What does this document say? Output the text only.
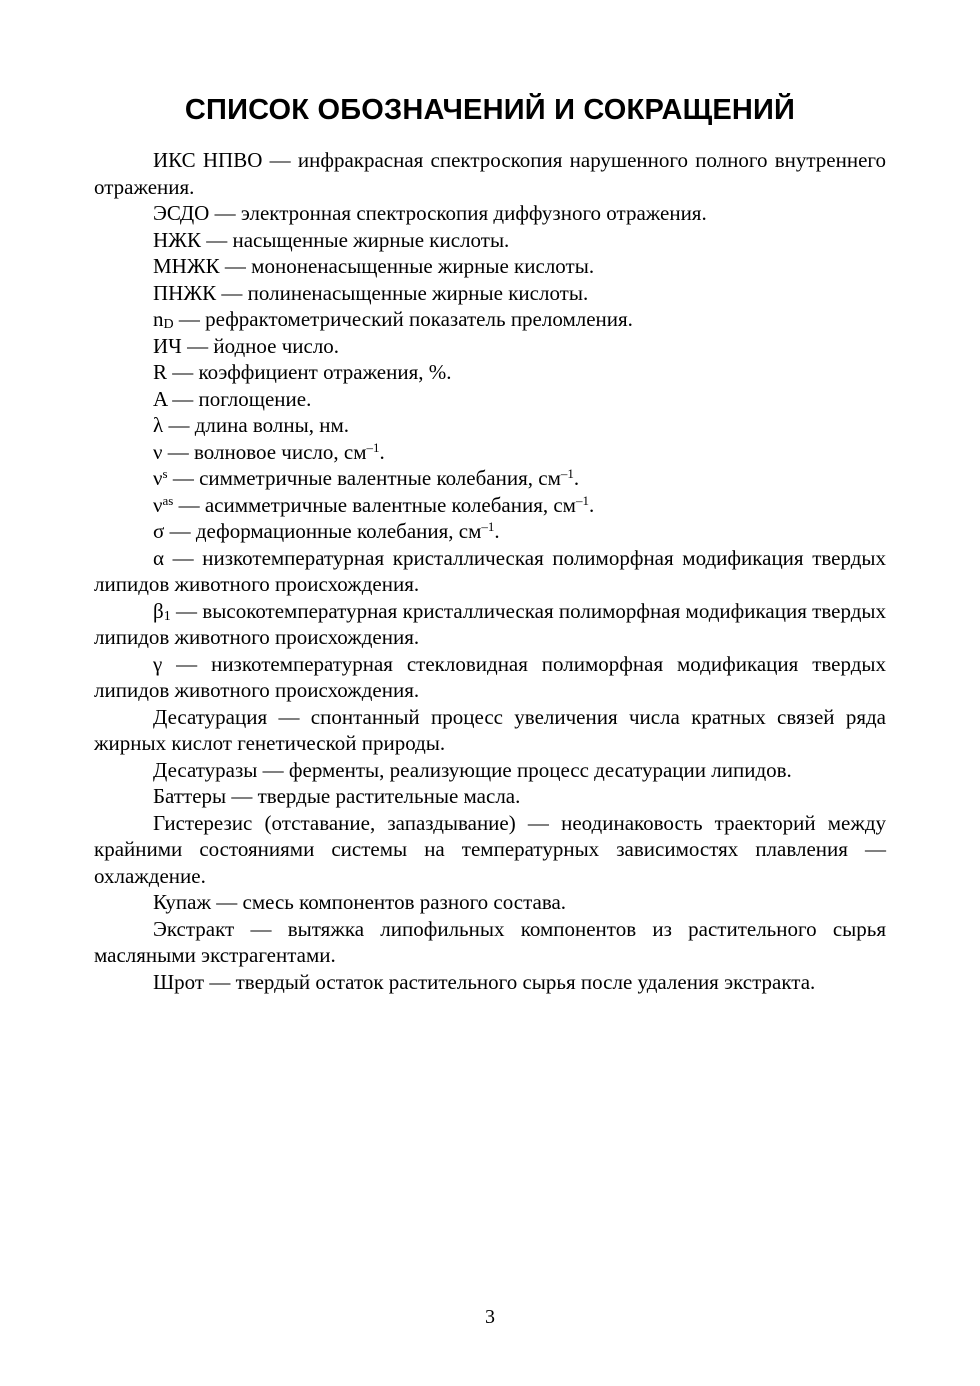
СПИСОК ОБОЗНАЧЕНИЙ И СОКРАЩЕНИЙ

ИКС НПВО — инфракрасная спектроскопия нарушенного полного внутреннего отражения.

ЭСДО — электронная спектроскопия диффузного отражения.

НЖК — насыщенные жирные кислоты.

МНЖК — мононенасыщенные жирные кислоты.

ПНЖК — полиненасыщенные жирные кислоты.

$n_D$ — рефрактометрический показатель преломления.

ИЧ — йодное число.

R — коэффициент отражения, %.

A — поглощение.

λ — длина волны, нм.

ν — волновое число, $см^{-1}$.

$\nu^s$ — симметричные валентные колебания, $см^{-1}$.

$\nu^{as}$ — асимметричные валентные колебания, $см^{-1}$.

σ — деформационные колебания, $см^{-1}$.

α — низкотемпературная кристаллическая полиморфная модификация твердых липидов животного происхождения.

$\beta_1$ — высокотемпературная кристаллическая полиморфная модификация твердых липидов животного происхождения.

γ — низкотемпературная стекловидная полиморфная модификация твердых липидов животного происхождения.

Десатурация — спонтанный процесс увеличения числа кратных связей ряда жирных кислот генетической природы.

Десатуразы — ферменты, реализующие процесс десатурации липидов.

Баттеры — твердые растительные масла.

Гистерезис (отставание, запаздывание) — неодинаковость траекторий между крайними состояниями системы на температурных зависимостях плавления — охлаждение.

Купаж — смесь компонентов разного состава.

Экстракт — вытяжка липофильных компонентов из растительного сырья масляными экстрагентами.

Шрот — твердый остаток растительного сырья после удаления экстракта.

3
